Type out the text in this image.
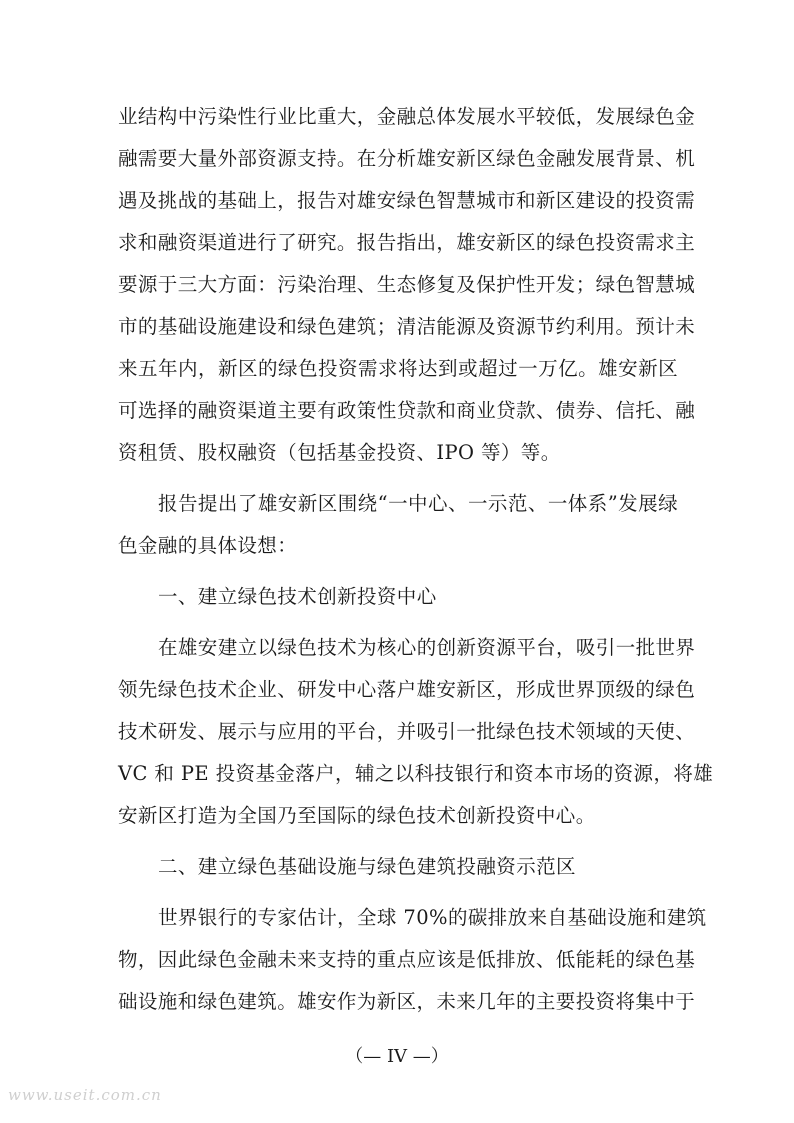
业结构中污染性行业比重大，金融总体发展水平较低，发展绿色金
融需要大量外部资源支持。在分析雄安新区绿色金融发展背景、机
遇及挑战的基础上，报告对雄安绿色智慧城市和新区建设的投资需
求和融资渠道进行了研究。报告指出，雄安新区的绿色投资需求主
要源于三大方面：污染治理、生态修复及保护性开发；绿色智慧城
市的基础设施建设和绿色建筑；清洁能源及资源节约利用。预计未
来五年内，新区的绿色投资需求将达到或超过一万亿。雄安新区
可选择的融资渠道主要有政策性贷款和商业贷款、债券、信托、融
资租赁、股权融资（包括基金投资、IPO 等）等。
报告提出了雄安新区围绕“一中心、一示范、一体系”发展绿
色金融的具体设想：
一、建立绿色技术创新投资中心
在雄安建立以绿色技术为核心的创新资源平台，吸引一批世界
领先绿色技术企业、研发中心落户雄安新区，形成世界顶级的绿色
技术研发、展示与应用的平台，并吸引一批绿色技术领域的天使、
VC 和 PE 投资基金落户，辅之以科技银行和资本市场的资源，将雄
安新区打造为全国乃至国际的绿色技术创新投资中心。
二、建立绿色基础设施与绿色建筑投融资示范区
世界银行的专家估计，全球 70%的碳排放来自基础设施和建筑
物，因此绿色金融未来支持的重点应该是低排放、低能耗的绿色基
础设施和绿色建筑。雄安作为新区，未来几年的主要投资将集中于
（— IV —）
www.useit.com.cn
